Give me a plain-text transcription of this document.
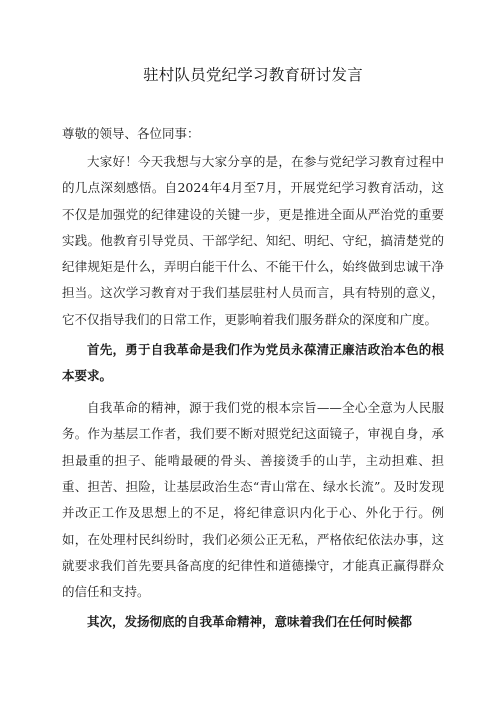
驻村队员党纪学习教育研讨发言

尊敬的领导、各位同事：

大家好！今天我想与大家分享的是，在参与党纪学习教育过程中的几点深刻感悟。自2024年4月至7月，开展党纪学习教育活动，这不仅是加强党的纪律建设的关键一步，更是推进全面从严治党的重要实践。他教育引导党员、干部学纪、知纪、明纪、守纪，搞清楚党的纪律规矩是什么，弄明白能干什么、不能干什么，始终做到忠诚干净担当。这次学习教育对于我们基层驻村人员而言，具有特别的意义，它不仅指导我们的日常工作，更影响着我们服务群众的深度和广度。

首先，勇于自我革命是我们作为党员永葆清正廉洁政治本色的根本要求。

自我革命的精神，源于我们党的根本宗旨——全心全意为人民服务。作为基层工作者，我们要不断对照党纪这面镜子，审视自身，承担最重的担子、能啃最硬的骨头、善接烫手的山芋，主动担难、担重、担苦、担险，让基层政治生态“青山常在、绿水长流”。及时发现并改正工作及思想上的不足，将纪律意识内化于心、外化于行。例如，在处理村民纠纷时，我们必须公正无私，严格依纪依法办事，这就要求我们首先要具备高度的纪律性和道德操守，才能真正赢得群众的信任和支持。

其次，发扬彻底的自我革命精神，意味着我们在任何时候都
